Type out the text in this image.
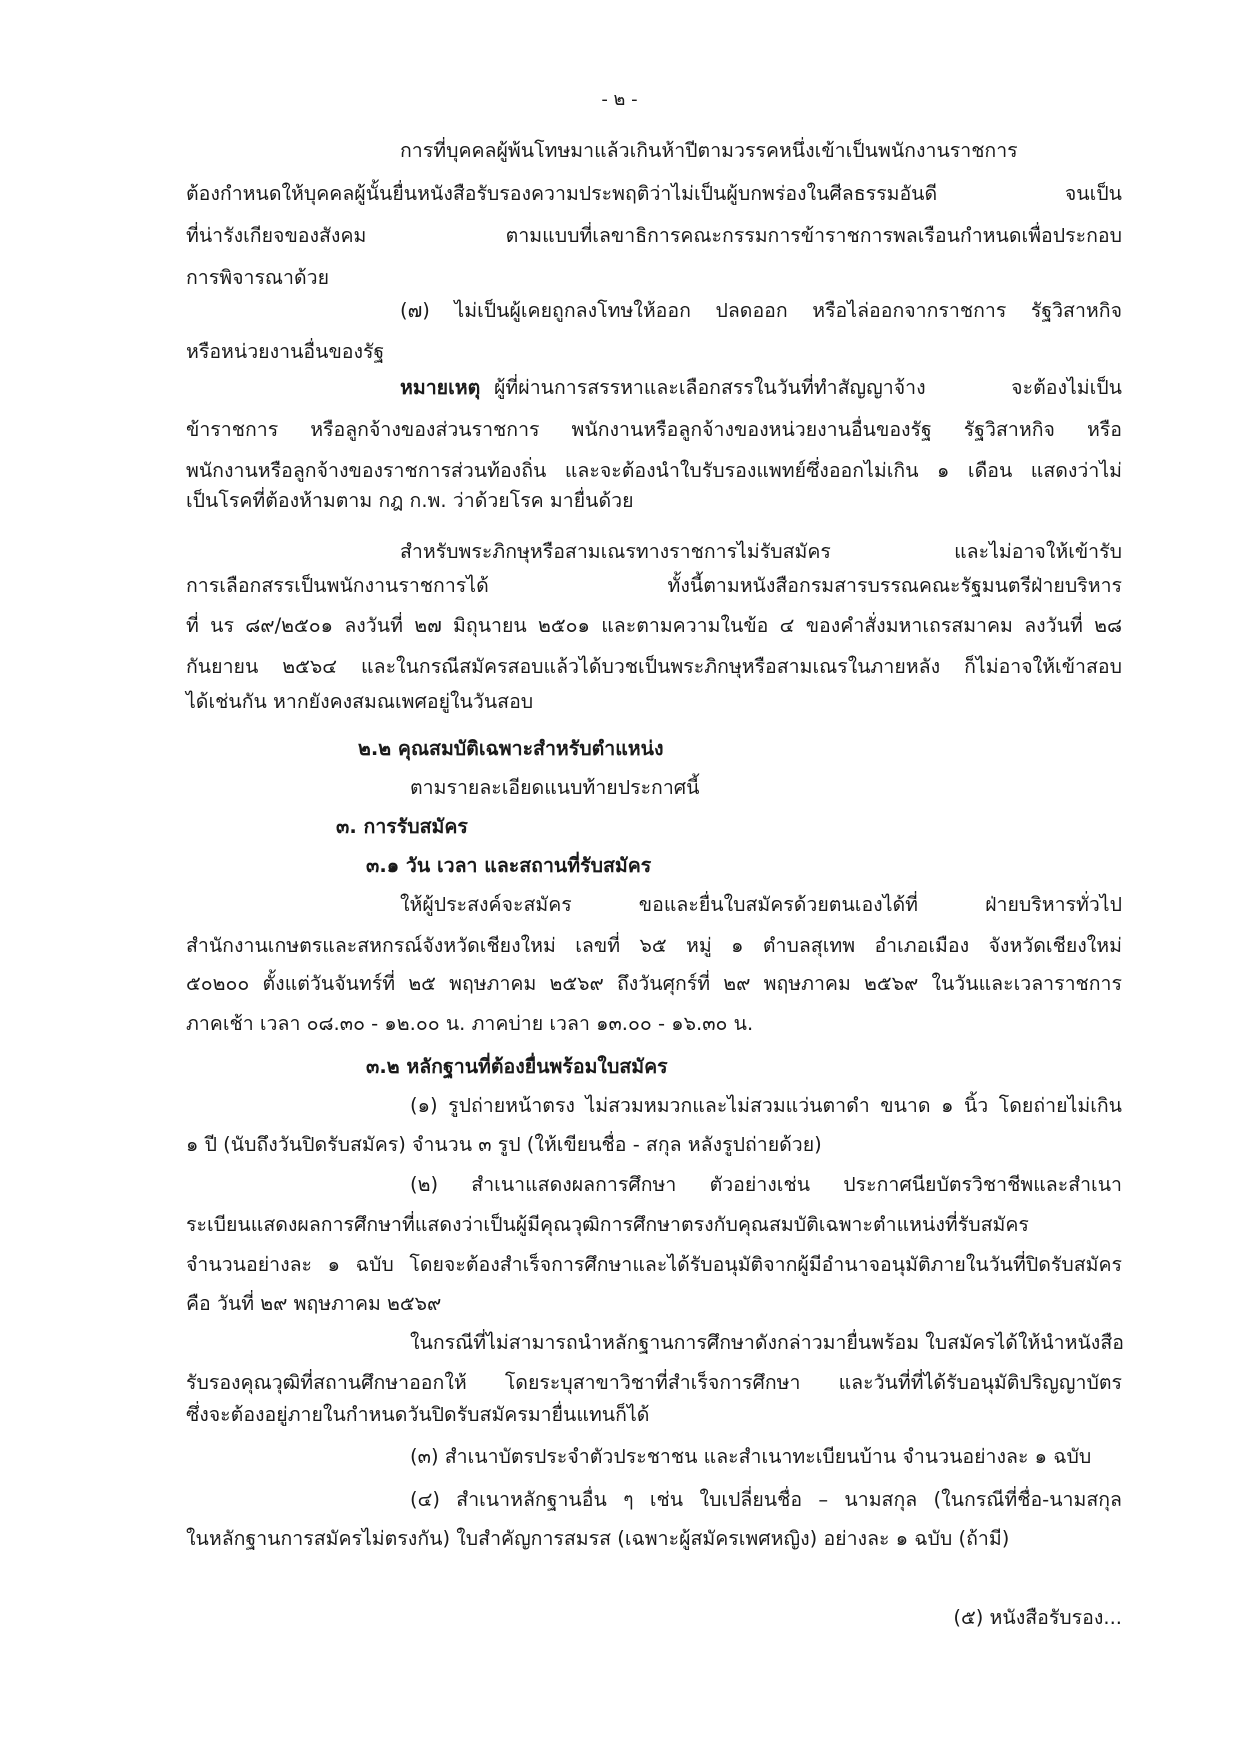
- ๒ -
การที่บุคคลผู้พ้นโทษมาแล้วเกินห้าปีตามวรรคหนึ่งเข้าเป็นพนักงานราชการ
ต้องกำหนดให้บุคคลผู้นั้นยื่นหนังสือรับรองความประพฤติว่าไม่เป็นผู้บกพร่องในศีลธรรมอันดี จนเป็น
ที่น่ารังเกียจของสังคม ตามแบบที่เลขาธิการคณะกรรมการข้าราชการพลเรือนกำหนดเพื่อประกอบ
การพิจารณาด้วย
(๗) ไม่เป็นผู้เคยถูกลงโทษให้ออก ปลดออก หรือไล่ออกจากราชการ รัฐวิสาหกิจ
หรือหน่วยงานอื่นของรัฐ
หมายเหตุ ผู้ที่ผ่านการสรรหาและเลือกสรรในวันที่ทำสัญญาจ้าง จะต้องไม่เป็น
ข้าราชการ หรือลูกจ้างของส่วนราชการ พนักงานหรือลูกจ้างของหน่วยงานอื่นของรัฐ รัฐวิสาหกิจ หรือ
พนักงานหรือลูกจ้างของราชการส่วนท้องถิ่น และจะต้องนำใบรับรองแพทย์ซึ่งออกไม่เกิน ๑ เดือน แสดงว่าไม่
เป็นโรคที่ต้องห้ามตาม กฎ ก.พ. ว่าด้วยโรค มายื่นด้วย
สำหรับพระภิกษุหรือสามเณรทางราชการไม่รับสมัคร และไม่อาจให้เข้ารับ
การเลือกสรรเป็นพนักงานราชการได้ ทั้งนี้ตามหนังสือกรมสารบรรณคณะรัฐมนตรีฝ่ายบริหาร
ที่ นร ๘๙/๒๕๐๑ ลงวันที่ ๒๗ มิถุนายน ๒๕๐๑ และตามความในข้อ ๔ ของคำสั่งมหาเถรสมาคม ลงวันที่ ๒๘
กันยายน ๒๕๖๔ และในกรณีสมัครสอบแล้วได้บวชเป็นพระภิกษุหรือสามเณรในภายหลัง ก็ไม่อาจให้เข้าสอบ
ได้เช่นกัน หากยังคงสมณเพศอยู่ในวันสอบ
๒.๒ คุณสมบัติเฉพาะสำหรับตำแหน่ง
ตามรายละเอียดแนบท้ายประกาศนี้
๓. การรับสมัคร
๓.๑ วัน เวลา และสถานที่รับสมัคร
ให้ผู้ประสงค์จะสมัคร ขอและยื่นใบสมัครด้วยตนเองได้ที่ ฝ่ายบริหารทั่วไป
สำนักงานเกษตรและสหกรณ์จังหวัดเชียงใหม่ เลขที่ ๖๕ หมู่ ๑ ตำบลสุเทพ อำเภอเมือง จังหวัดเชียงใหม่
๕๐๒๐๐ ตั้งแต่วันจันทร์ที่ ๒๕ พฤษภาคม ๒๕๖๙ ถึงวันศุกร์ที่ ๒๙ พฤษภาคม ๒๕๖๙ ในวันและเวลาราชการ
ภาคเช้า เวลา ๐๘.๓๐ - ๑๒.๐๐ น. ภาคบ่าย เวลา ๑๓.๐๐ - ๑๖.๓๐ น.
๓.๒ หลักฐานที่ต้องยื่นพร้อมใบสมัคร
(๑) รูปถ่ายหน้าตรง ไม่สวมหมวกและไม่สวมแว่นตาดำ ขนาด ๑ นิ้ว โดยถ่ายไม่เกิน
๑ ปี (นับถึงวันปิดรับสมัคร) จำนวน ๓ รูป (ให้เขียนชื่อ - สกุล หลังรูปถ่ายด้วย)
(๒) สำเนาแสดงผลการศึกษา ตัวอย่างเช่น ประกาศนียบัตรวิชาชีพและสำเนา
ระเบียนแสดงผลการศึกษาที่แสดงว่าเป็นผู้มีคุณวุฒิการศึกษาตรงกับคุณสมบัติเฉพาะตำแหน่งที่รับสมัคร
จำนวนอย่างละ ๑ ฉบับ โดยจะต้องสำเร็จการศึกษาและได้รับอนุมัติจากผู้มีอำนาจอนุมัติภายในวันที่ปิดรับสมัคร
คือ วันที่ ๒๙ พฤษภาคม ๒๕๖๙
ในกรณีที่ไม่สามารถนำหลักฐานการศึกษาดังกล่าวมายื่นพร้อม ใบสมัครได้ให้นำหนังสือ
รับรองคุณวุฒิที่สถานศึกษาออกให้ โดยระบุสาขาวิชาที่สำเร็จการศึกษา และวันที่ที่ได้รับอนุมัติปริญญาบัตร
ซึ่งจะต้องอยู่ภายในกำหนดวันปิดรับสมัครมายื่นแทนก็ได้
(๓) สำเนาบัตรประจำตัวประชาชน และสำเนาทะเบียนบ้าน จำนวนอย่างละ ๑ ฉบับ
(๔) สำเนาหลักฐานอื่น ๆ เช่น ใบเปลี่ยนชื่อ – นามสกุล (ในกรณีที่ชื่อ-นามสกุล
ในหลักฐานการสมัครไม่ตรงกัน) ใบสำคัญการสมรส (เฉพาะผู้สมัครเพศหญิง) อย่างละ ๑ ฉบับ (ถ้ามี)
(๕) หนังสือรับรอง...
